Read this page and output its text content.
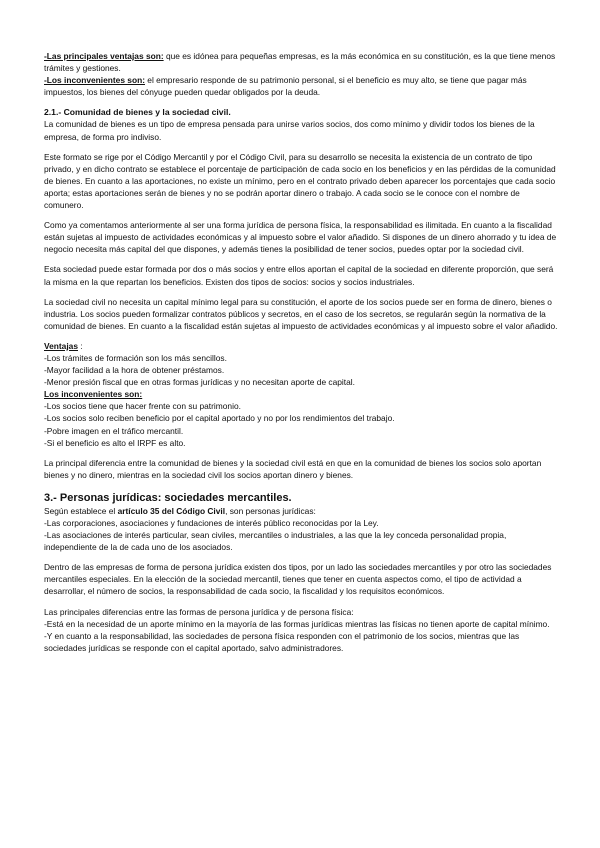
-Las principales ventajas son: que es idónea para pequeñas empresas, es la más económica en su constitución, es la que tiene menos trámites y gestiones.

-Los inconvenientes son: el empresario responde de su patrimonio personal, si el beneficio es muy alto, se tiene que pagar más impuestos, los bienes del cónyuge pueden quedar obligados por la deuda.

2.1.- Comunidad de bienes y la sociedad civil.

La comunidad de bienes es un tipo de empresa pensada para unirse varios socios, dos como mínimo y dividir todos los bienes de la empresa, de forma pro indiviso.

Este formato se rige por el Código Mercantil y por el Código Civil, para su desarrollo se necesita la existencia de un contrato de tipo privado, y en dicho contrato se establece el porcentaje de participación de cada socio en los beneficios y en las pérdidas de la comunidad de bienes. En cuanto a las aportaciones, no existe un mínimo, pero en el contrato privado deben aparecer los porcentajes que cada socio aporta; estas aportaciones serán de bienes y no se podrán aportar dinero o trabajo. A cada socio se le conoce con el nombre de comunero.

Como ya comentamos anteriormente al ser una forma jurídica de persona física, la responsabilidad es ilimitada. En cuanto a la fiscalidad están sujetas al impuesto de actividades económicas y al impuesto sobre el valor añadido. Si dispones de un dinero ahorrado y tu idea de negocio necesita más capital del que dispones, y además tienes la posibilidad de tener socios, puedes optar por la sociedad civil.

Esta sociedad puede estar formada por dos o más socios y entre ellos aportan el capital de la sociedad en diferente proporción, que será la misma en la que repartan los beneficios. Existen dos tipos de socios: socios y socios industriales.

La sociedad civil no necesita un capital mínimo legal para su constitución, el aporte de los socios puede ser en forma de dinero, bienes o industria. Los socios pueden formalizar contratos públicos y secretos, en el caso de los secretos, se regularán según la normativa de la comunidad de bienes. En cuanto a la fiscalidad están sujetas al impuesto de actividades económicas y al impuesto sobre el valor añadido.

Ventajas :

-Los trámites de formación son los más sencillos.
-Mayor facilidad a la hora de obtener préstamos.
-Menor presión fiscal que en otras formas jurídicas y no necesitan aporte de capital.
Los inconvenientes son:
-Los socios tiene que hacer frente con su patrimonio.
-Los socios solo reciben beneficio por el capital aportado y no por los rendimientos del trabajo.
-Pobre imagen en el tráfico mercantil.
-Si el beneficio es alto el IRPF es alto.

La principal diferencia entre la comunidad de bienes y la sociedad civil está en que en la comunidad de bienes los socios solo aportan bienes y no dinero, mientras en la sociedad civil los socios aportan dinero y bienes.

3.- Personas jurídicas: sociedades mercantiles.

Según establece el artículo 35 del Código Civil, son personas jurídicas:

-Las corporaciones, asociaciones y fundaciones de interés público reconocidas por la Ley.
-Las asociaciones de interés particular, sean civiles, mercantiles o industriales, a las que la ley conceda personalidad propia, independiente de la de cada uno de los asociados.

Dentro de las empresas de forma de persona jurídica existen dos tipos, por un lado las sociedades mercantiles y por otro las sociedades mercantiles especiales. En la elección de la sociedad mercantil, tienes que tener en cuenta aspectos como, el tipo de actividad a desarrollar, el número de socios, la responsabilidad de cada socio, la fiscalidad y los requisitos económicos.

Las principales diferencias entre las formas de persona jurídica y de persona física:

-Está en la necesidad de un aporte mínimo en la mayoría de las formas jurídicas mientras las físicas no tienen aporte de capital mínimo.
-Y en cuanto a la responsabilidad, las sociedades de persona física responden con el patrimonio de los socios, mientras que las sociedades jurídicas se responde con el capital aportado, salvo administradores.
